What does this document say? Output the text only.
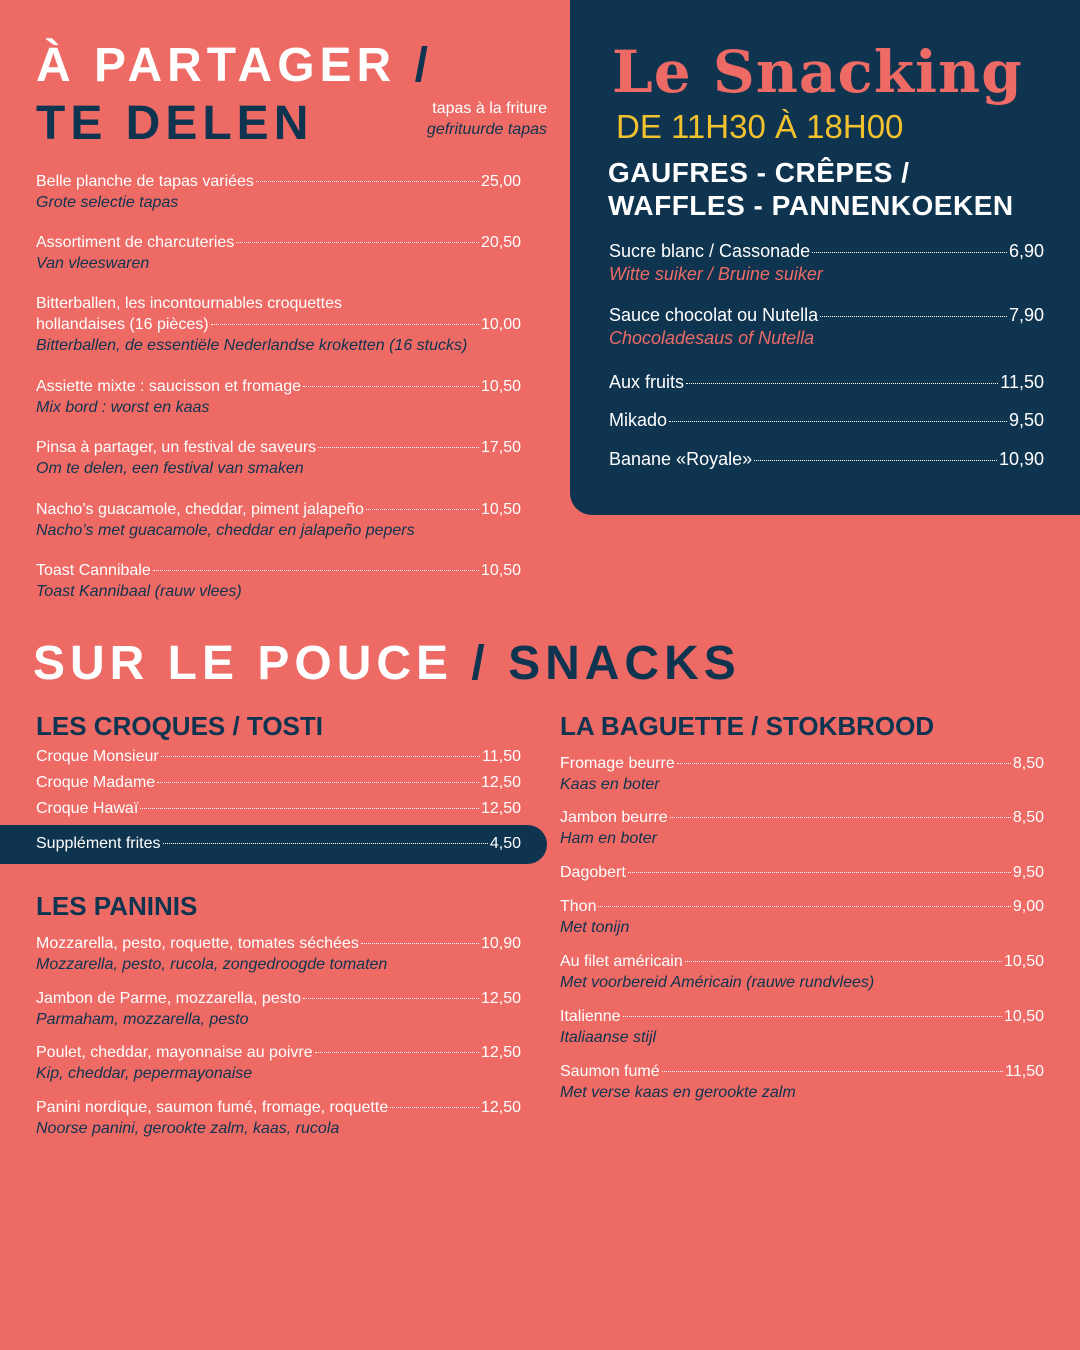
À PARTAGER /
TE DELEN	tapas à la friture
gefrituurde tapas
Belle planche de tapas variées	25,00
Grote selectie tapas
Assortiment de charcuteries	20,50
Van vleeswaren
Bitterballen, les incontournables croquettes
hollandaises (16 pièces)	10,00
Bitterballen, de essentiële Nederlandse kroketten (16 stucks)
Assiette mixte : saucisson et fromage	10,50
Mix bord : worst en kaas
Pinsa à partager, un festival de saveurs	17,50
Om te delen, een festival van smaken
Nacho’s guacamole, cheddar, piment jalapeño	10,50
Nacho’s met guacamole, cheddar en jalapeño pepers
Toast Cannibale	10,50
Toast Kannibaal (rauw vlees)
Le Snacking
DE 11H30 À 18H00
GAUFRES - CRÊPES /
WAFFLES - PANNENKOEKEN
Sucre blanc / Cassonade	6,90
Witte suiker / Bruine suiker
Sauce chocolat ou Nutella	7,90
Chocoladesaus of Nutella
Aux fruits	11,50
Mikado	9,50
Banane «Royale»	10,90
SUR LE POUCE / SNACKS
LES CROQUES / TOSTI
Croque Monsieur	11,50
Croque Madame	12,50
Croque Hawaï	12,50
Supplément frites	4,50
LES PANINIS
Mozzarella, pesto, roquette, tomates séchées	10,90
Mozzarella, pesto, rucola, zongedroogde tomaten
Jambon de Parme, mozzarella, pesto	12,50
Parmaham, mozzarella, pesto
Poulet, cheddar, mayonnaise au poivre	12,50
Kip, cheddar, pepermayonaise
Panini nordique, saumon fumé, fromage, roquette	12,50
Noorse panini, gerookte zalm, kaas, rucola
LA BAGUETTE / STOKBROOD
Fromage beurre	8,50
Kaas en boter
Jambon beurre	8,50
Ham en boter
Dagobert	9,50
Thon	9,00
Met tonijn
Au filet américain	10,50
Met voorbereid Américain (rauwe rundvlees)
Italienne	10,50
Italiaanse stijl
Saumon fumé	11,50
Met verse kaas en gerookte zalm
